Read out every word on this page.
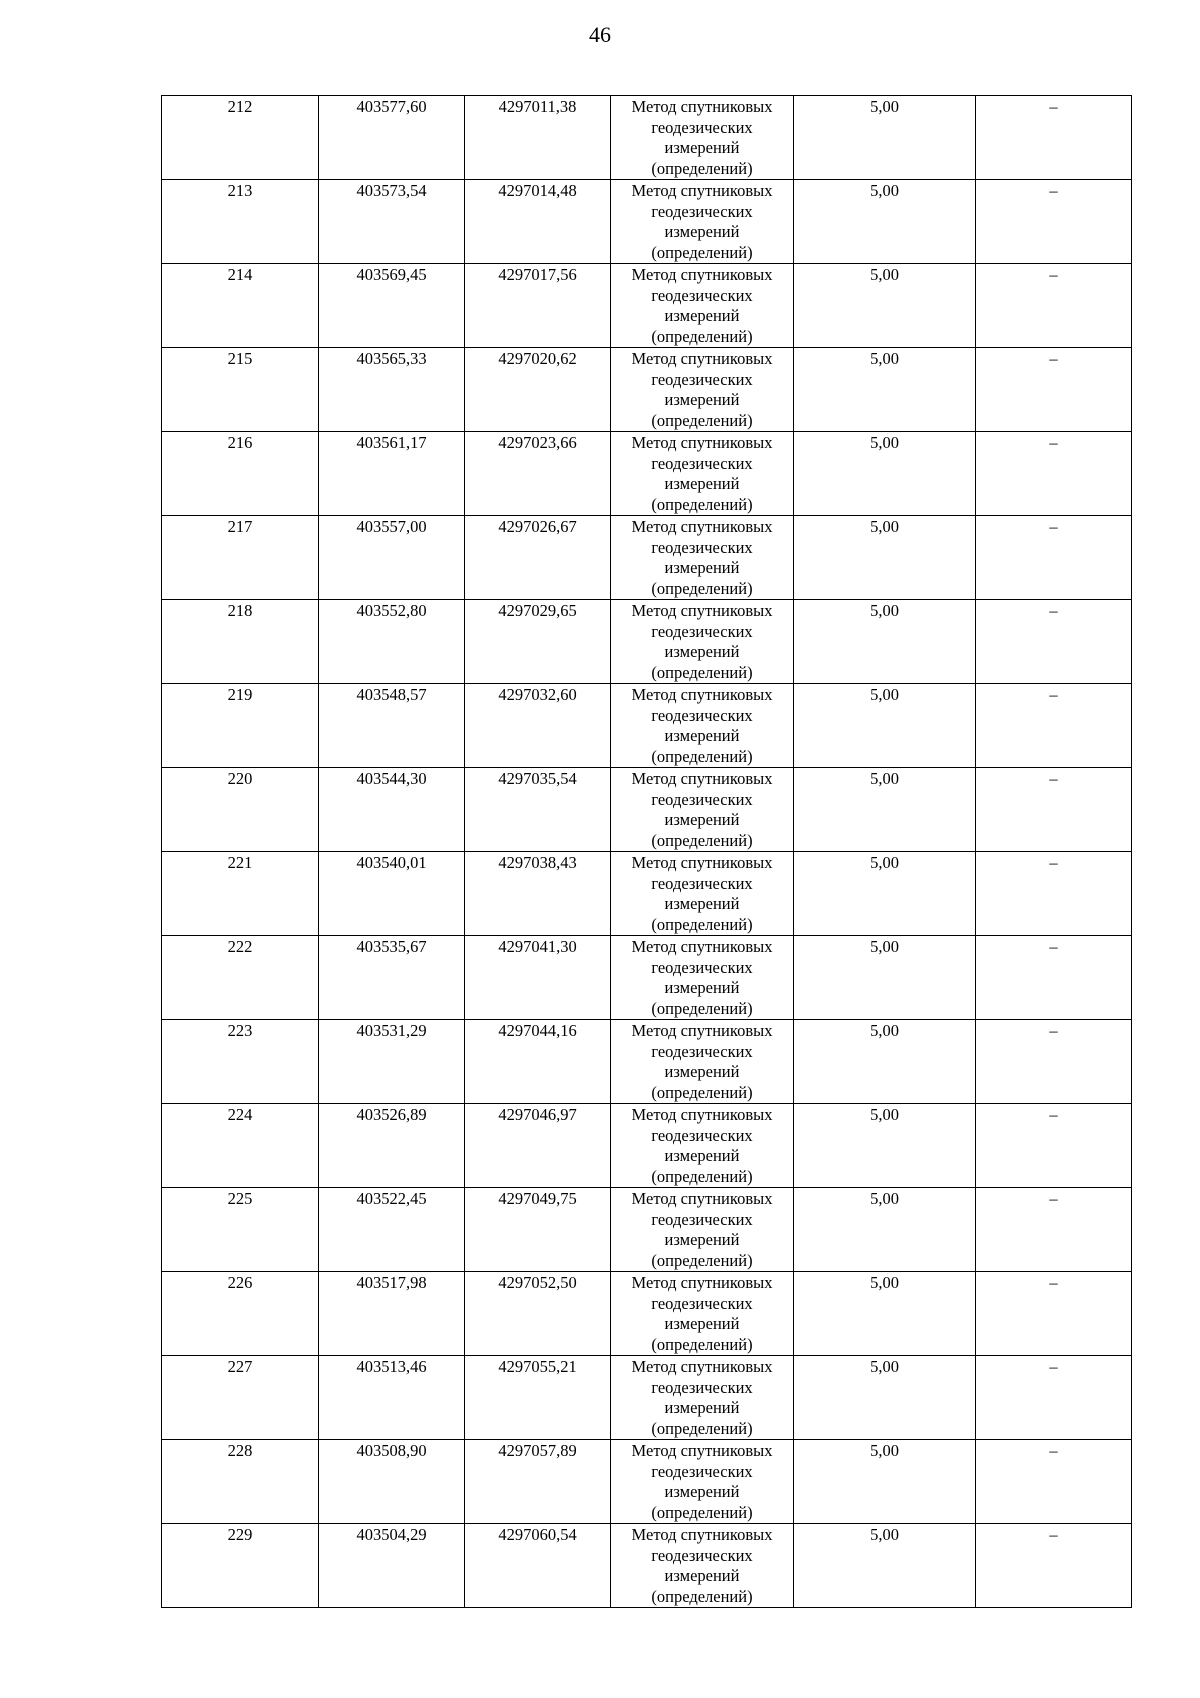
46
212	403577,60	4297011,38	Метод спутниковых геодезических измерений (определений)	5,00	–
213	403573,54	4297014,48	Метод спутниковых геодезических измерений (определений)	5,00	–
214	403569,45	4297017,56	Метод спутниковых геодезических измерений (определений)	5,00	–
215	403565,33	4297020,62	Метод спутниковых геодезических измерений (определений)	5,00	–
216	403561,17	4297023,66	Метод спутниковых геодезических измерений (определений)	5,00	–
217	403557,00	4297026,67	Метод спутниковых геодезических измерений (определений)	5,00	–
218	403552,80	4297029,65	Метод спутниковых геодезических измерений (определений)	5,00	–
219	403548,57	4297032,60	Метод спутниковых геодезических измерений (определений)	5,00	–
220	403544,30	4297035,54	Метод спутниковых геодезических измерений (определений)	5,00	–
221	403540,01	4297038,43	Метод спутниковых геодезических измерений (определений)	5,00	–
222	403535,67	4297041,30	Метод спутниковых геодезических измерений (определений)	5,00	–
223	403531,29	4297044,16	Метод спутниковых геодезических измерений (определений)	5,00	–
224	403526,89	4297046,97	Метод спутниковых геодезических измерений (определений)	5,00	–
225	403522,45	4297049,75	Метод спутниковых геодезических измерений (определений)	5,00	–
226	403517,98	4297052,50	Метод спутниковых геодезических измерений (определений)	5,00	–
227	403513,46	4297055,21	Метод спутниковых геодезических измерений (определений)	5,00	–
228	403508,90	4297057,89	Метод спутниковых геодезических измерений (определений)	5,00	–
229	403504,29	4297060,54	Метод спутниковых геодезических измерений (определений)	5,00	–
